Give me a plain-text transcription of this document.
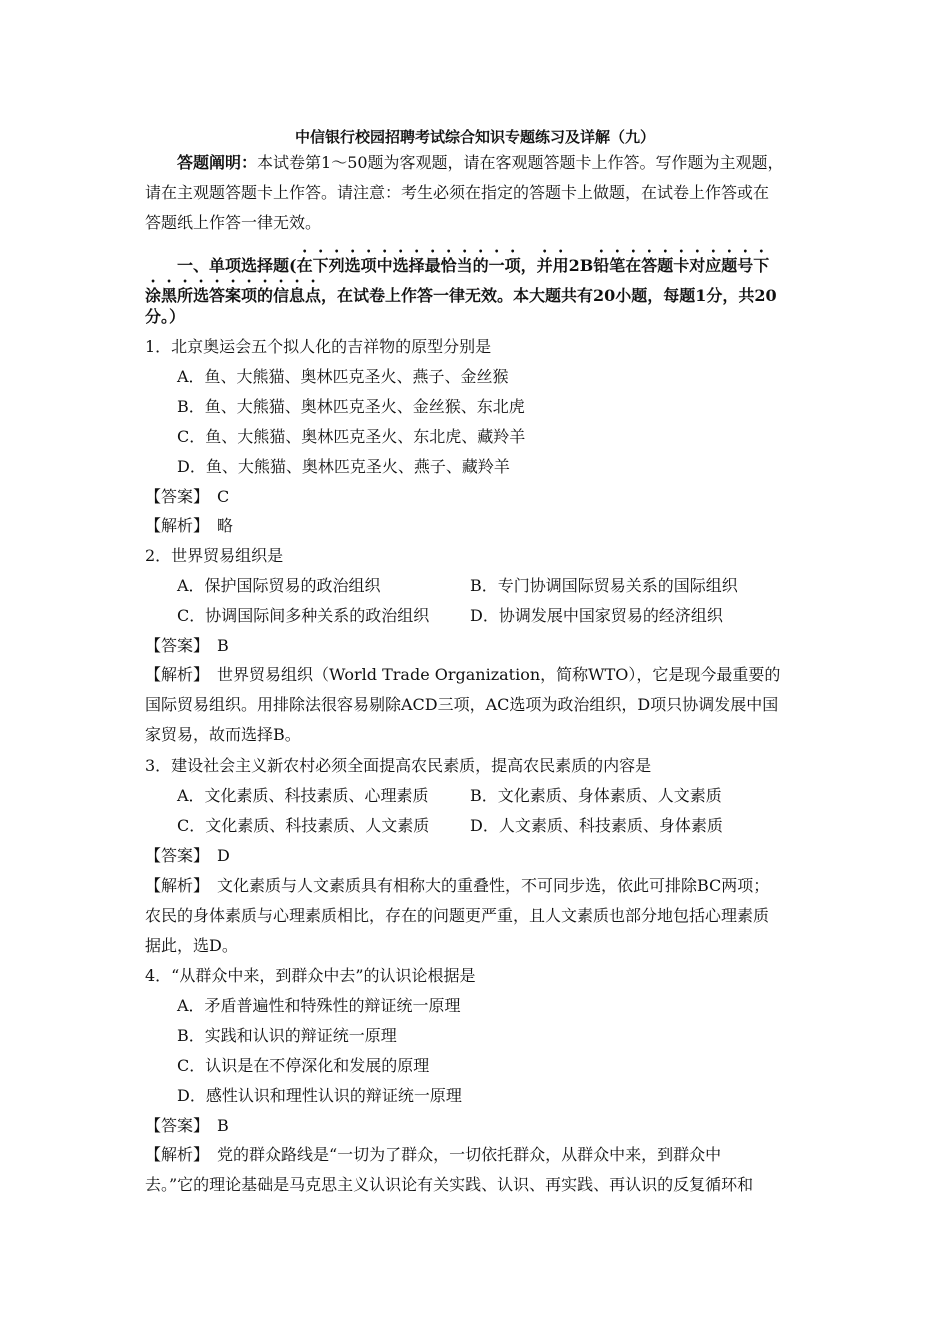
中信银行校园招聘考试综合知识专题练习及详解（九）
答题阐明：本试卷第1～50题为客观题，请在客观题答题卡上作答。写作题为主观题，
请在主观题答题卡上作答。请注意：考生必须在指定的答题卡上做题，在试卷上作答或在
答题纸上作答一律无效。
一、单项选择题(在下列选项中选择最恰当的一项，并用2B铅笔在答题卡对应题号下
涂黑所选答案项的信息点，在试卷上作答一律无效。本大题共有20小题，每题1分，共20
分。）
1．北京奥运会五个拟人化的吉祥物的原型分别是
A．鱼、大熊猫、奥林匹克圣火、燕子、金丝猴
B．鱼、大熊猫、奥林匹克圣火、金丝猴、东北虎
C．鱼、大熊猫、奥林匹克圣火、东北虎、藏羚羊
D．鱼、大熊猫、奥林匹克圣火、燕子、藏羚羊
【答案】　C
【解析】　略
2．世界贸易组织是
A．保护国际贸易的政治组织	B．专门协调国际贸易关系的国际组织
C．协调国际间多种关系的政治组织	D．协调发展中国家贸易的经济组织
【答案】　B
【解析】　世界贸易组织（World Trade Organization，简称WTO），它是现今最重要的
国际贸易组织。用排除法很容易剔除ACD三项，AC选项为政治组织，D项只协调发展中国
家贸易，故而选择B。
3．建设社会主义新农村必须全面提高农民素质，提高农民素质的内容是
A．文化素质、科技素质、心理素质	B．文化素质、身体素质、人文素质
C．文化素质、科技素质、人文素质	D．人文素质、科技素质、身体素质
【答案】　D
【解析】　文化素质与人文素质具有相称大的重叠性，不可同步选，依此可排除BC两项；
农民的身体素质与心理素质相比，存在的问题更严重，且人文素质也部分地包括心理素质
据此，选D。
4．“从群众中来，到群众中去”的认识论根据是
A．矛盾普遍性和特殊性的辩证统一原理
B．实践和认识的辩证统一原理
C．认识是在不停深化和发展的原理
D．感性认识和理性认识的辩证统一原理
【答案】　B
【解析】　党的群众路线是“一切为了群众，一切依托群众，从群众中来，到群众中
去。”它的理论基础是马克思主义认识论有关实践、认识、再实践、再认识的反复循环和
